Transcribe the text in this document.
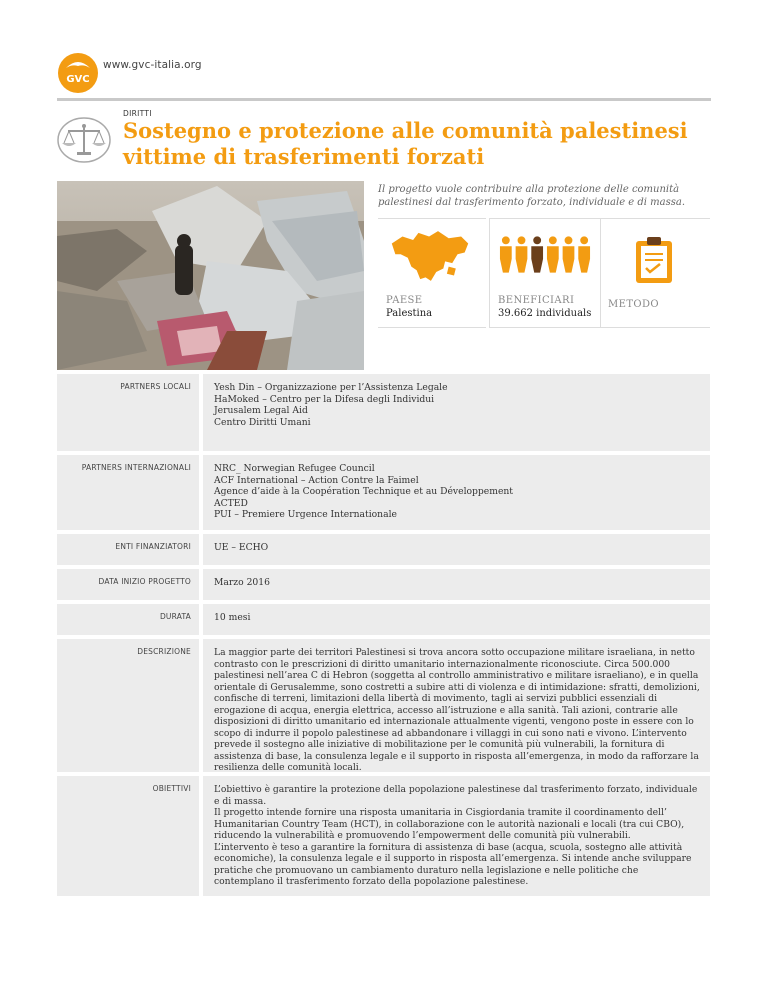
GVC
www.gvc-italia.org
DIRITTI
Sostegno e protezione alle comunità palestinesi vittime di trasferimenti forzati
Il progetto vuole contribuire alla protezione delle comunità palestinesi dal trasferimento forzato, individuale e di massa.
PAESE
Palestina
BENEFICIARI
39.662 individuals
METODO
PARTNERS LOCALI	Yesh Din – Organizzazione per l’Assistenza Legale
HaMoked – Centro per la Difesa degli Individui
Jerusalem Legal Aid
Centro Diritti Umani
PARTNERS INTERNAZIONALI	NRC_ Norwegian Refugee Council
ACF International – Action Contre la Faimel
Agence d’aide à la Coopération Technique et au Développement
ACTED
PUI – Premiere Urgence Internationale
ENTI FINANZIATORI	UE – ECHO
DATA INIZIO PROGETTO	Marzo 2016
DURATA	10 mesi
DESCRIZIONE	La maggior parte dei territori Palestinesi si trova ancora sotto occupazione militare israeliana, in netto contrasto con le prescrizioni di diritto umanitario internazionalmente riconosciute. Circa 500.000 palestinesi nell’area C di Hebron (soggetta al controllo amministrativo e militare israeliano), e in quella orientale di Gerusalemme, sono costretti a subire atti di violenza e di intimidazione: sfratti, demolizioni, confische di terreni, limitazioni della libertà di movimento, tagli ai servizi pubblici essenziali di erogazione di acqua, energia elettrica, accesso all’istruzione e alla sanità. Tali azioni, contrarie alle disposizioni di diritto umanitario ed internazionale attualmente vigenti, vengono poste in essere con lo scopo di indurre il popolo palestinese ad abbandonare i villaggi in cui sono nati e vivono. L’intervento prevede il sostegno alle iniziative di mobilitazione per le comunità più vulnerabili, la fornitura di assistenza di base, la consulenza legale e il supporto in risposta all’emergenza, in modo da rafforzare la resilienza delle comunità locali.
OBIETTIVI	L’obiettivo è garantire la protezione della popolazione palestinese dal trasferimento forzato, individuale e di massa.
Il progetto intende fornire una risposta umanitaria in Cisgiordania tramite il coordinamento dell’ Humanitarian Country Team (HCT), in collaborazione con le autorità nazionali e locali (tra cui CBO), riducendo la vulnerabilità e promuovendo l’empowerment delle comunità più vulnerabili.
L’intervento è teso a garantire la fornitura di assistenza di base (acqua, scuola, sostegno alle attività economiche), la consulenza legale e il supporto in risposta all’emergenza. Si intende anche sviluppare pratiche che promuovano un cambiamento duraturo nella legislazione e nelle politiche che contemplano il trasferimento forzato della popolazione palestinese.
